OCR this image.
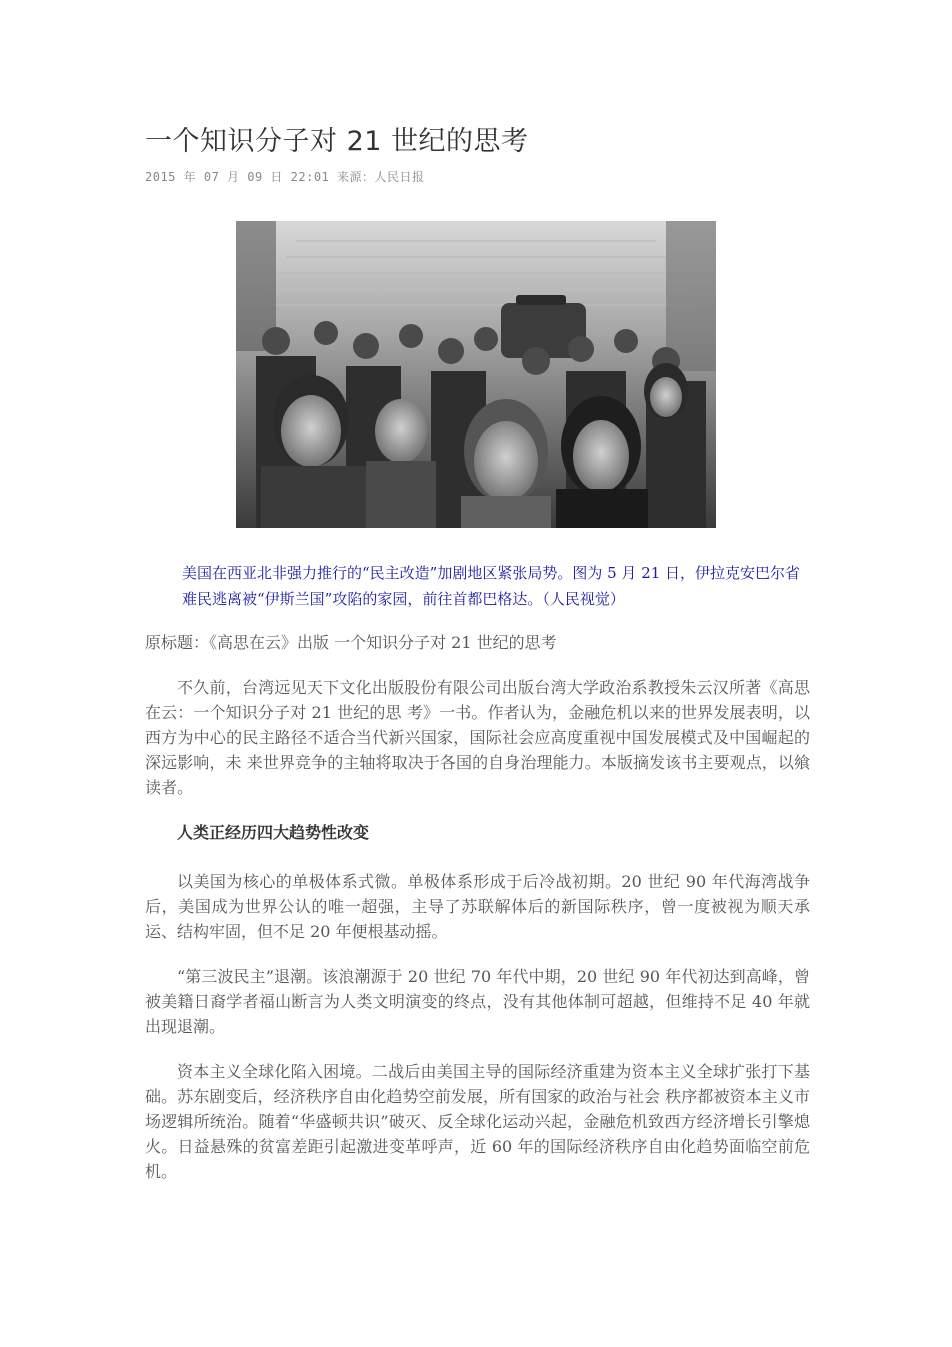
一个知识分子对 21 世纪的思考
2015 年 07 月 09 日 22:01 来源：人民日报
美国在西亚北非强力推行的“民主改造”加剧地区紧张局势。图为 5 月 21 日，伊拉克安巴尔省难民逃离被“伊斯兰国”攻陷的家园，前往首都巴格达。（人民视觉）

原标题：《高思在云》出版 一个知识分子对 21 世纪的思考

不久前，台湾远见天下文化出版股份有限公司出版台湾大学政治系教授朱云汉所著《高思在云：一个知识分子对 21 世纪的思 考》一书。作者认为，金融危机以来的世界发展表明，以西方为中心的民主路径不适合当代新兴国家，国际社会应高度重视中国发展模式及中国崛起的深远影响，未 来世界竞争的主轴将取决于各国的自身治理能力。本版摘发该书主要观点，以飨读者。

人类正经历四大趋势性改变

以美国为核心的单极体系式微。单极体系形成于后冷战初期。20 世纪 90 年代海湾战争后，美国成为世界公认的唯一超强，主导了苏联解体后的新国际秩序，曾一度被视为顺天承运、结构牢固，但不足 20 年便根基动摇。

“第三波民主”退潮。该浪潮源于 20 世纪 70 年代中期，20 世纪 90 年代初达到高峰，曾被美籍日裔学者福山断言为人类文明演变的终点，没有其他体制可超越，但维持不足 40 年就出现退潮。

资本主义全球化陷入困境。二战后由美国主导的国际经济重建为资本主义全球扩张打下基础。苏东剧变后，经济秩序自由化趋势空前发展，所有国家的政治与社会 秩序都被资本主义市场逻辑所统治。随着“华盛顿共识”破灭、反全球化运动兴起，金融危机致西方经济增长引擎熄火。日益悬殊的贫富差距引起激进变革呼声，近 60 年的国际经济秩序自由化趋势面临空前危机。
